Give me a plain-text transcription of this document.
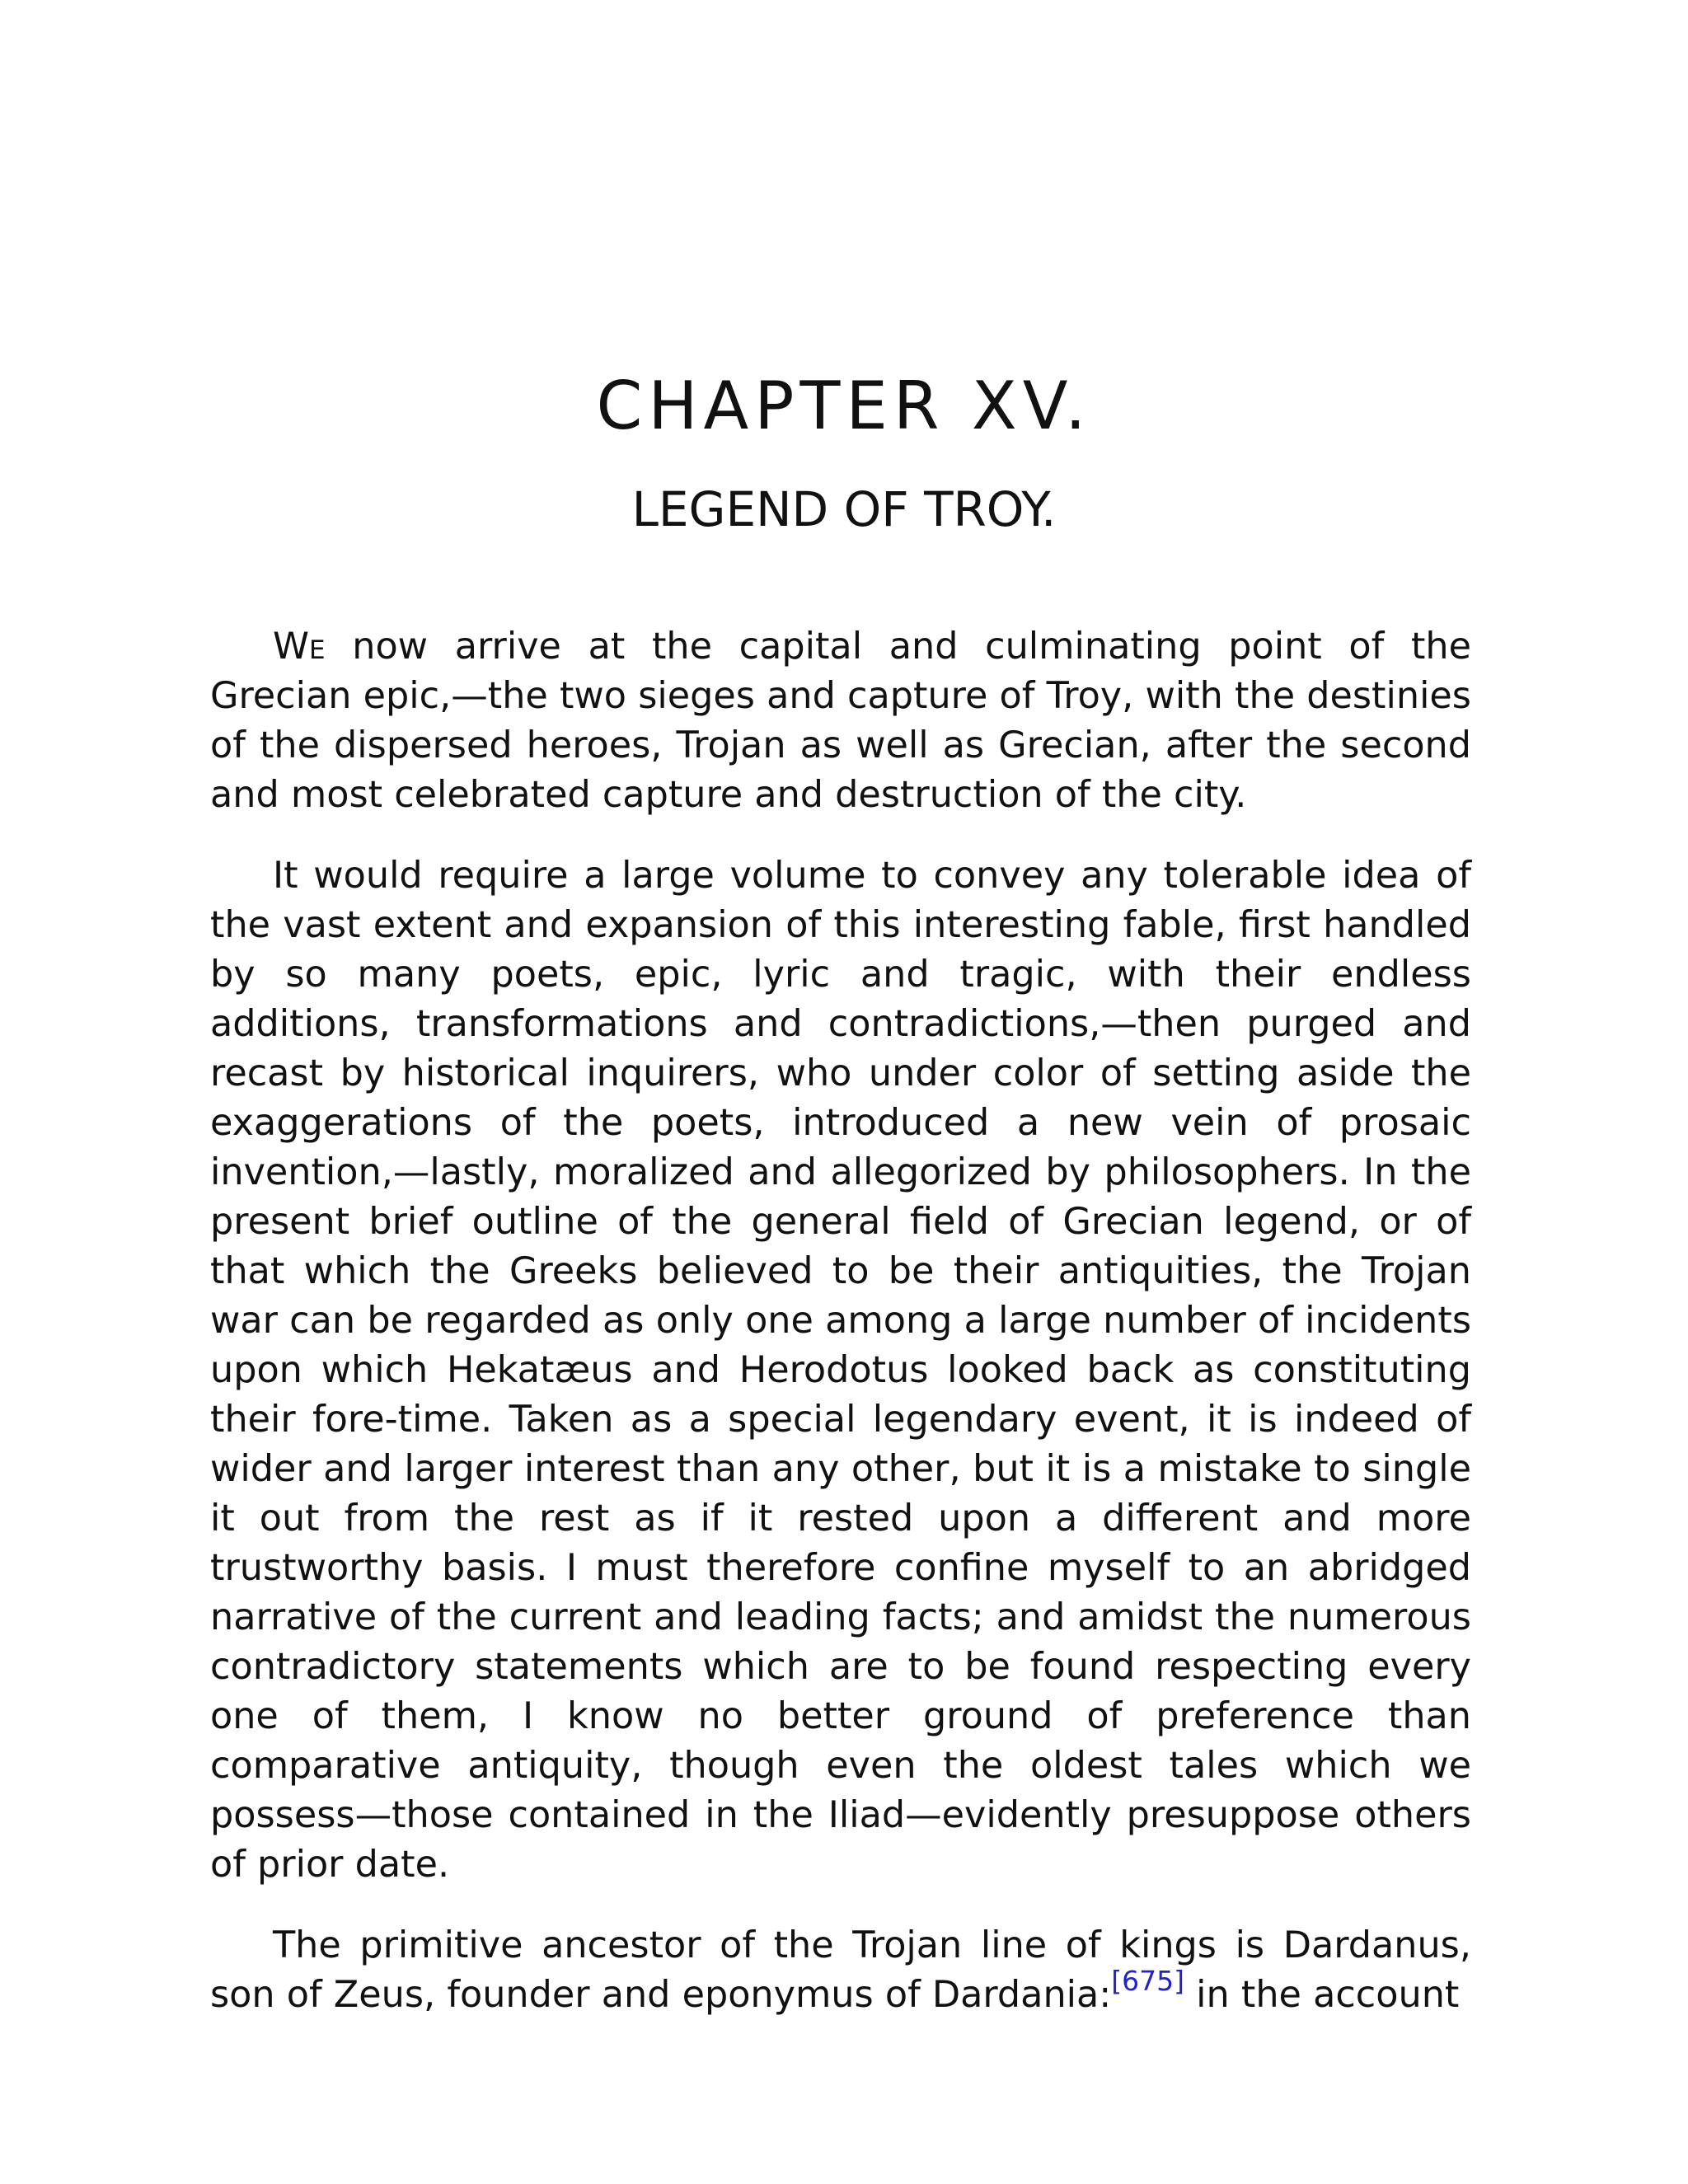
CHAPTER XV.
LEGEND OF TROY.

We now arrive at the capital and culminating point of the Grecian epic,—the two sieges and capture of Troy, with the destinies of the dispersed heroes, Trojan as well as Grecian, after the second and most celebrated capture and destruction of the city.

It would require a large volume to convey any tolerable idea of the vast extent and expansion of this interesting fable, first handled by so many poets, epic, lyric and tragic, with their endless additions, transformations and contradictions,—then purged and recast by historical inquirers, who under color of setting aside the exaggerations of the poets, introduced a new vein of prosaic invention,—lastly, moralized and allegorized by philosophers. In the present brief outline of the general field of Grecian legend, or of that which the Greeks believed to be their antiquities, the Trojan war can be regarded as only one among a large number of incidents upon which Hekatæus and Herodotus looked back as constituting their fore-time. Taken as a special legendary event, it is indeed of wider and larger interest than any other, but it is a mistake to single it out from the rest as if it rested upon a different and more trustworthy basis. I must therefore confine myself to an abridged narrative of the current and leading facts; and amidst the numerous contradictory statements which are to be found respecting every one of them, I know no better ground of preference than comparative antiquity, though even the oldest tales which we possess—those contained in the Iliad—evidently presuppose others of prior date.

The primitive ancestor of the Trojan line of kings is Dardanus, son of Zeus, founder and eponymus of Dardania:[675] in the account
